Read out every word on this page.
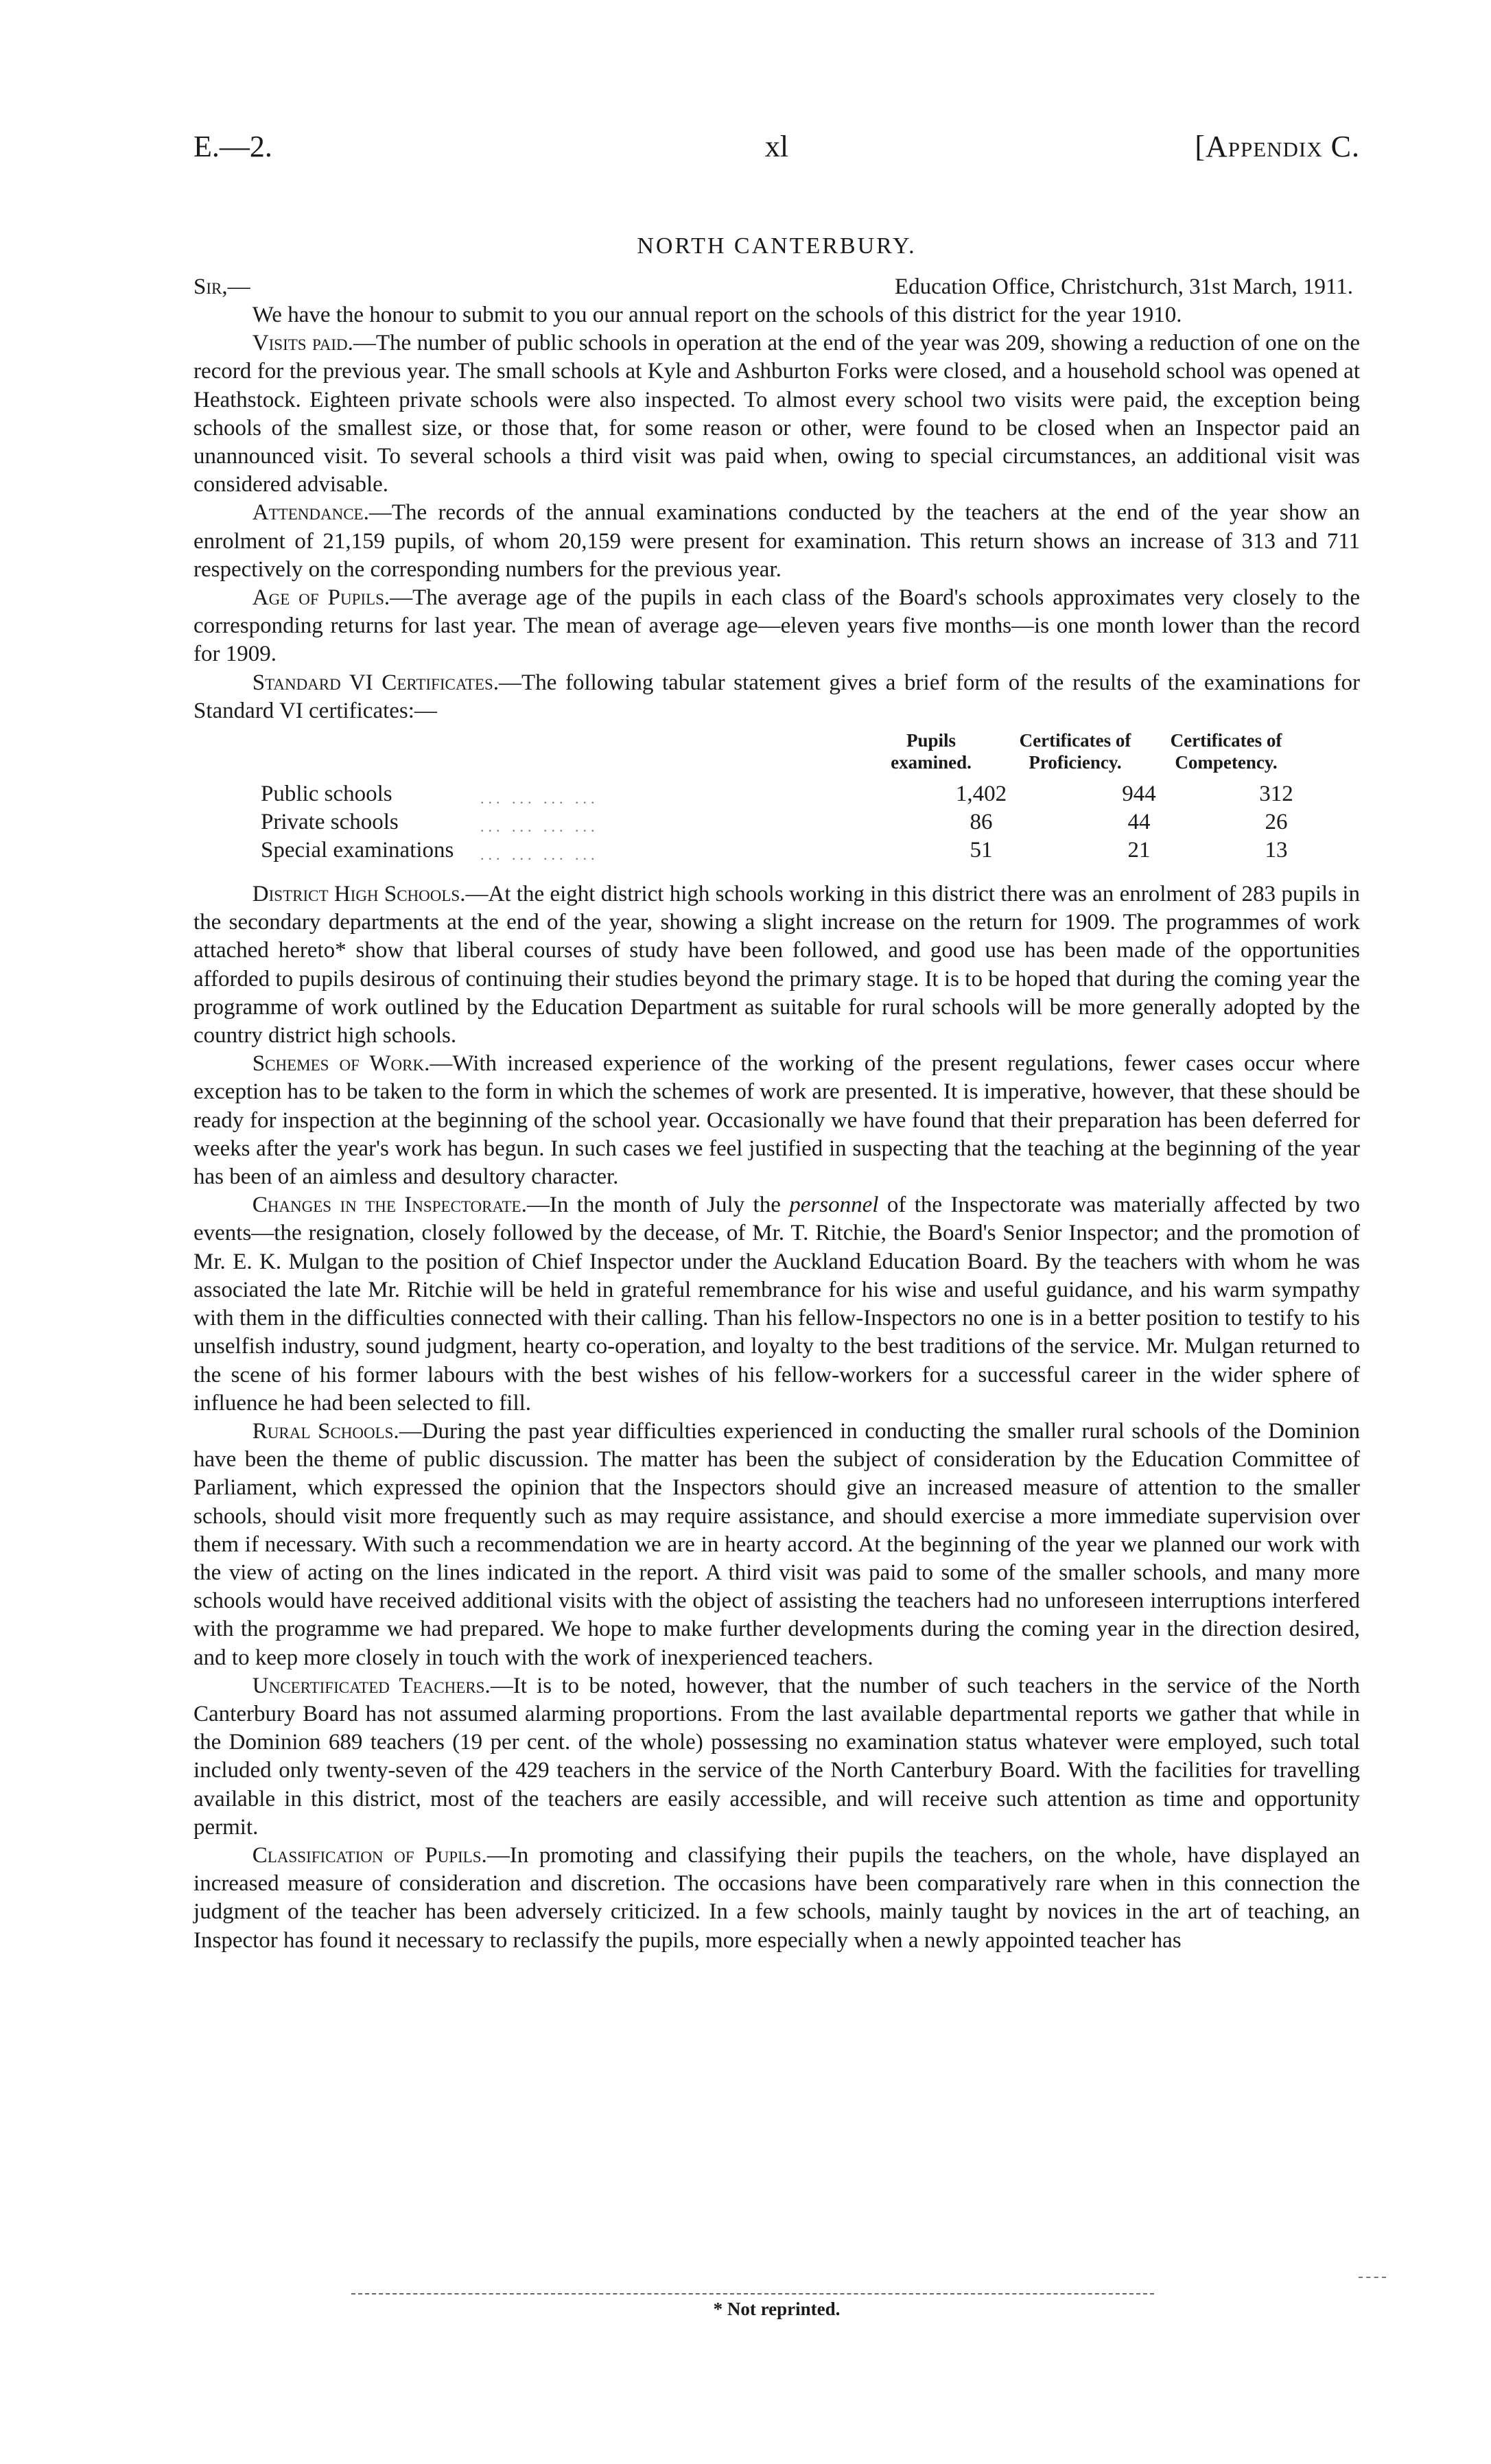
E.—2.	xl	[Appendix C.
NORTH CANTERBURY.
Sir,—	Education Office, Christchurch, 31st March, 1911.

We have the honour to submit to you our annual report on the schools of this district for the year 1910.

Visits paid.—The number of public schools in operation at the end of the year was 209, showing a reduction of one on the record for the previous year. The small schools at Kyle and Ashburton Forks were closed, and a household school was opened at Heathstock. Eighteen private schools were also inspected. To almost every school two visits were paid, the exception being schools of the smallest size, or those that, for some reason or other, were found to be closed when an Inspector paid an unannounced visit. To several schools a third visit was paid when, owing to special circumstances, an additional visit was considered advisable.

Attendance.—The records of the annual examinations conducted by the teachers at the end of the year show an enrolment of 21,159 pupils, of whom 20,159 were present for examination. This return shows an increase of 313 and 711 respectively on the corresponding numbers for the previous year.

Age of Pupils.—The average age of the pupils in each class of the Board's schools approximates very closely to the corresponding returns for last year. The mean of average age—eleven years five months—is one month lower than the record for 1909.

Standard VI Certificates.—The following tabular statement gives a brief form of the results of the examinations for Standard VI certificates:—

Pupils examined.
Certificates of Proficiency.
Certificates of Competency.
Public schools	... ... ... ...	1,402	944	312
Private schools	... ... ... ...	86	44	26
Special examinations ... ... ... ...	51	21	13

District High Schools.—At the eight district high schools working in this district there was an enrolment of 283 pupils in the secondary departments at the end of the year, showing a slight increase on the return for 1909. The programmes of work attached hereto* show that liberal courses of study have been followed, and good use has been made of the opportunities afforded to pupils desirous of continuing their studies beyond the primary stage. It is to be hoped that during the coming year the programme of work outlined by the Education Department as suitable for rural schools will be more generally adopted by the country district high schools.

Schemes of Work.—With increased experience of the working of the present regulations, fewer cases occur where exception has to be taken to the form in which the schemes of work are presented. It is imperative, however, that these should be ready for inspection at the beginning of the school year. Occasionally we have found that their preparation has been deferred for weeks after the year's work has begun. In such cases we feel justified in suspecting that the teaching at the beginning of the year has been of an aimless and desultory character.

Changes in the Inspectorate.—In the month of July the personnel of the Inspectorate was materially affected by two events—the resignation, closely followed by the decease, of Mr. T. Ritchie, the Board's Senior Inspector; and the promotion of Mr. E. K. Mulgan to the position of Chief Inspector under the Auckland Education Board. By the teachers with whom he was associated the late Mr. Ritchie will be held in grateful remembrance for his wise and useful guidance, and his warm sympathy with them in the difficulties connected with their calling. Than his fellow-Inspectors no one is in a better position to testify to his unselfish industry, sound judgment, hearty co-operation, and loyalty to the best traditions of the service. Mr. Mulgan returned to the scene of his former labours with the best wishes of his fellow-workers for a successful career in the wider sphere of influence he had been selected to fill.

Rural Schools.—During the past year difficulties experienced in conducting the smaller rural schools of the Dominion have been the theme of public discussion. The matter has been the subject of consideration by the Education Committee of Parliament, which expressed the opinion that the Inspectors should give an increased measure of attention to the smaller schools, should visit more frequently such as may require assistance, and should exercise a more immediate supervision over them if necessary. With such a recommendation we are in hearty accord. At the beginning of the year we planned our work with the view of acting on the lines indicated in the report. A third visit was paid to some of the smaller schools, and many more schools would have received additional visits with the object of assisting the teachers had no unforeseen interruptions interfered with the programme we had prepared. We hope to make further developments during the coming year in the direction desired, and to keep more closely in touch with the work of inexperienced teachers.

Uncertificated Teachers.—It is to be noted, however, that the number of such teachers in the service of the North Canterbury Board has not assumed alarming proportions. From the last available departmental reports we gather that while in the Dominion 689 teachers (19 per cent. of the whole) possessing no examination status whatever were employed, such total included only twenty-seven of the 429 teachers in the service of the North Canterbury Board. With the facilities for travelling available in this district, most of the teachers are easily accessible, and will receive such attention as time and opportunity permit.

Classification of Pupils.—In promoting and classifying their pupils the teachers, on the whole, have displayed an increased measure of consideration and discretion. The occasions have been comparatively rare when in this connection the judgment of the teacher has been adversely criticized. In a few schools, mainly taught by novices in the art of teaching, an Inspector has found it necessary to reclassify the pupils, more especially when a newly appointed teacher has

* Not reprinted.
